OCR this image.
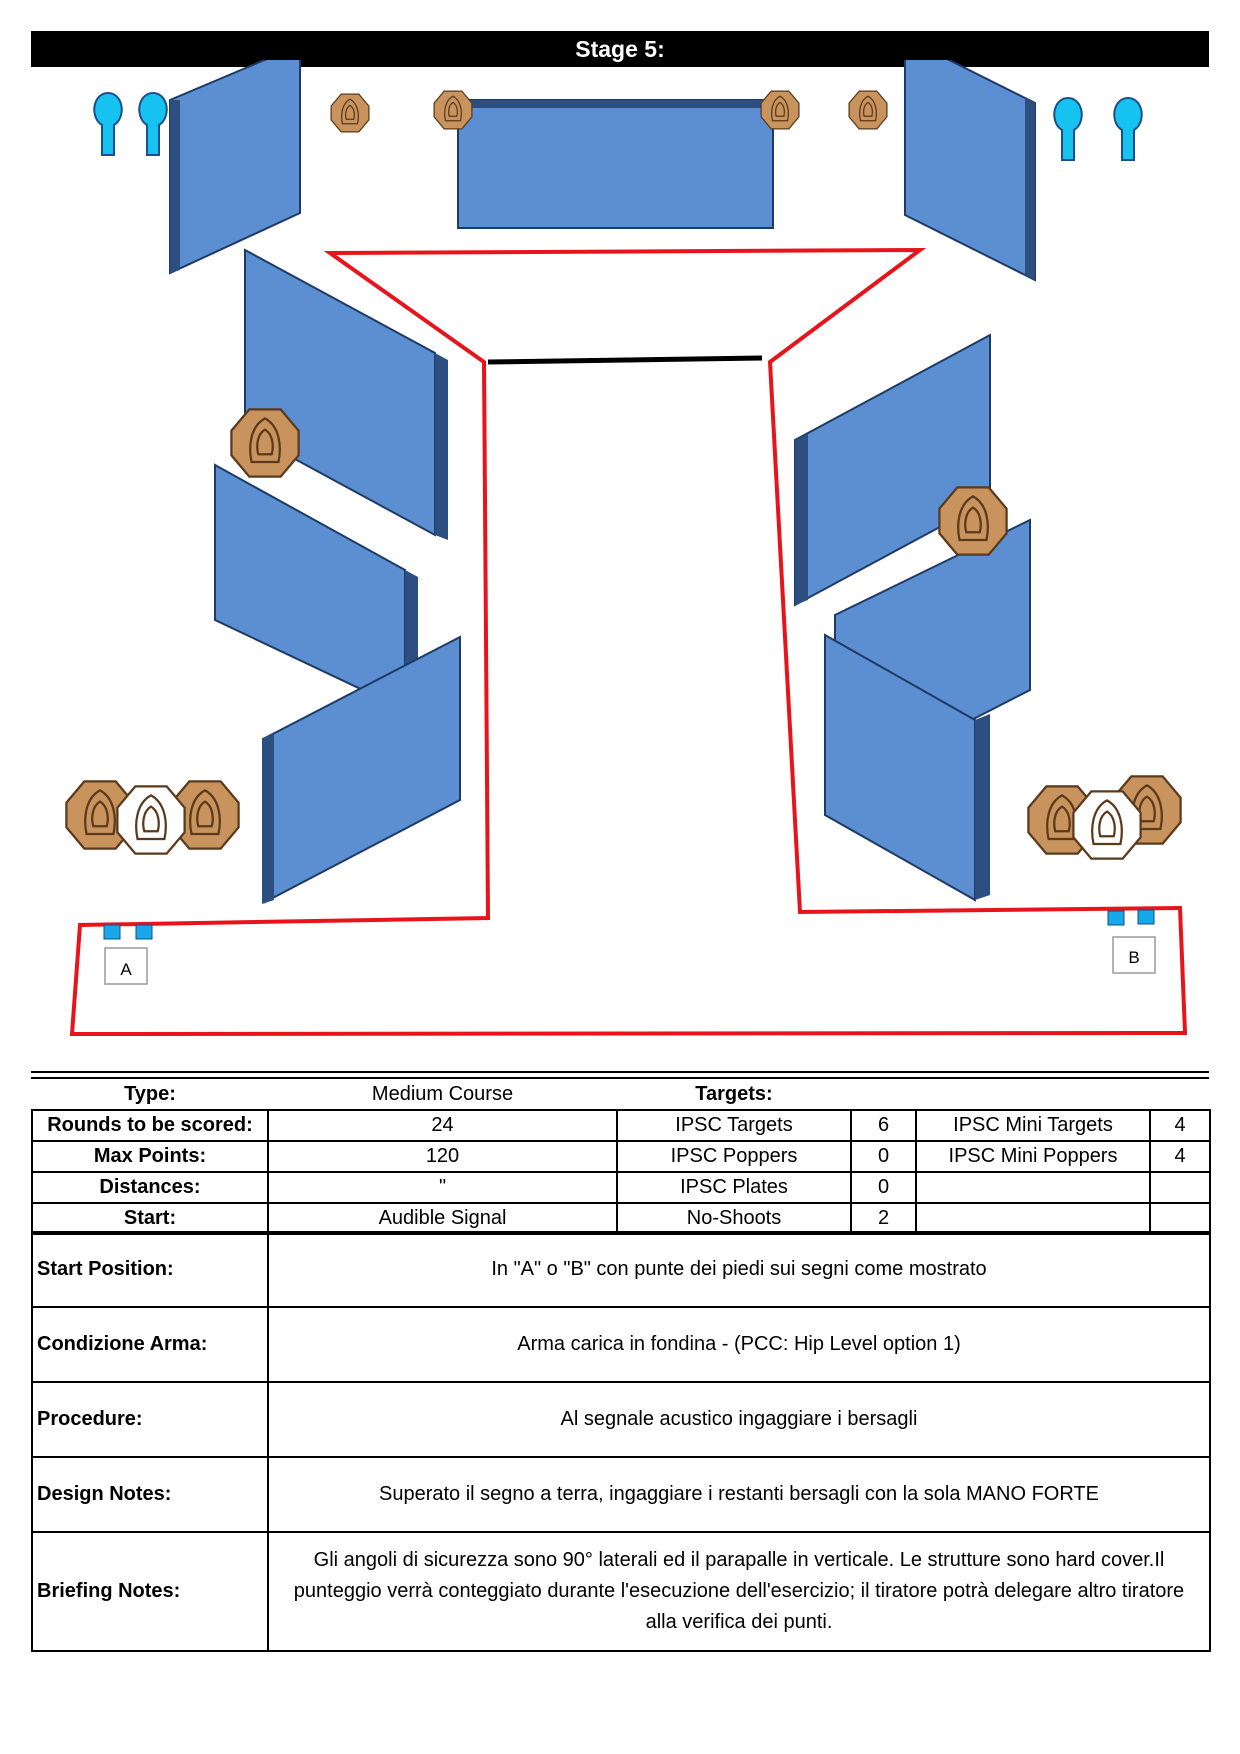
Stage 5:
A
B
Type:	Medium Course	Targets:			
Rounds to be scored:	24	IPSC Targets	6	IPSC Mini Targets	4
Max Points:	120	IPSC Poppers	0	IPSC Mini Poppers	4
Distances:	"	IPSC Plates	0		
Start:	Audible Signal	No-Shoots	2		
Start Position:	In "A" o "B" con punte dei piedi sui segni come mostrato
Condizione Arma:	Arma carica in fondina - (PCC: Hip Level option 1)
Procedure:	Al segnale acustico ingaggiare i bersagli
Design Notes:	Superato il segno a terra, ingaggiare i restanti bersagli con la sola MANO FORTE
Briefing Notes:	Gli angoli di sicurezza sono 90° laterali ed il parapalle in verticale. Le strutture sono hard cover.Il punteggio verrà conteggiato durante l'esecuzione dell'esercizio; il tiratore potrà delegare altro tiratore alla verifica dei punti.
